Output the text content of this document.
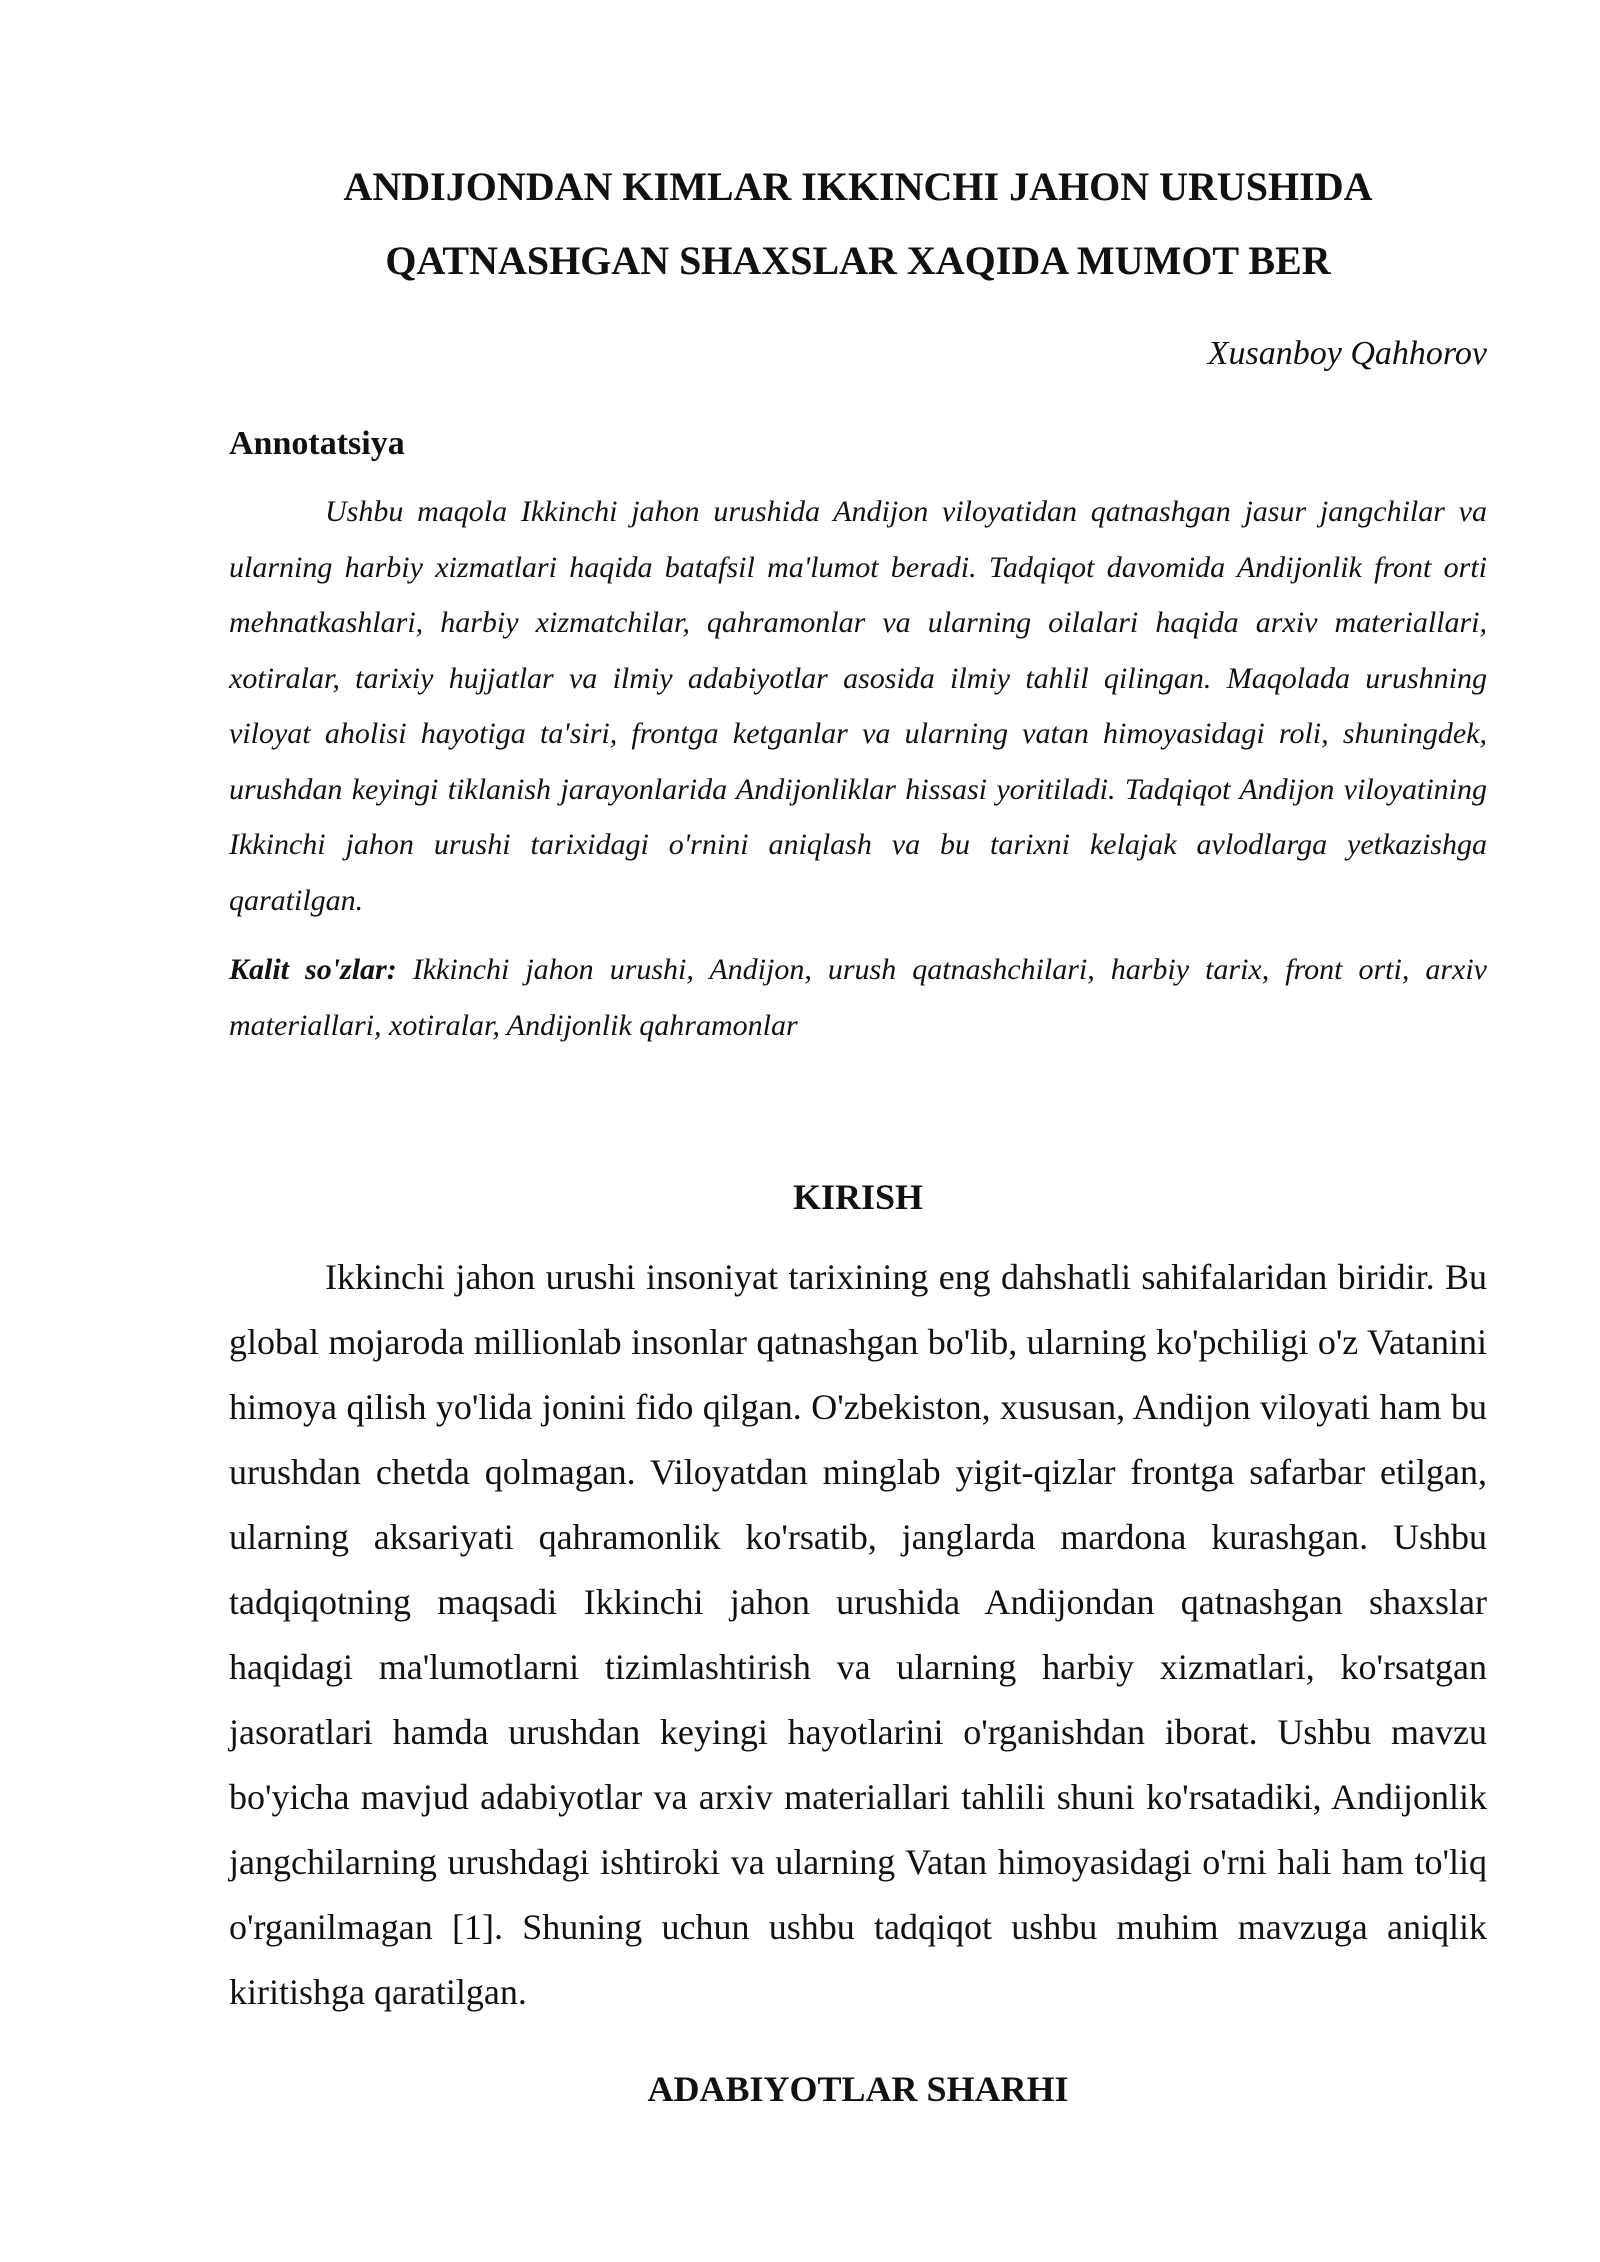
ANDIJONDAN KIMLAR IKKINCHI JAHON URUSHIDA
QATNASHGAN SHAXSLAR XAQIDA MUMOT BER
Xusanboy Qahhorov
Annotatsiya

Ushbu maqola Ikkinchi jahon urushida Andijon viloyatidan qatnashgan jasur jangchilar va ularning harbiy xizmatlari haqida batafsil ma'lumot beradi. Tadqiqot davomida Andijonlik front orti mehnatkashlari, harbiy xizmatchilar, qahramonlar va ularning oilalari haqida arxiv materiallari, xotiralar, tarixiy hujjatlar va ilmiy adabiyotlar asosida ilmiy tahlil qilingan. Maqolada urushning viloyat aholisi hayotiga ta'siri, frontga ketganlar va ularning vatan himoyasidagi roli, shuningdek, urushdan keyingi tiklanish jarayonlarida Andijonliklar hissasi yoritiladi. Tadqiqot Andijon viloyatining Ikkinchi jahon urushi tarixidagi o'rnini aniqlash va bu tarixni kelajak avlodlarga yetkazishga qaratilgan.

Kalit so'zlar: Ikkinchi jahon urushi, Andijon, urush qatnashchilari, harbiy tarix, front orti, arxiv materiallari, xotiralar, Andijonlik qahramonlar

KIRISH

Ikkinchi jahon urushi insoniyat tarixining eng dahshatli sahifalaridan biridir. Bu global mojaroda millionlab insonlar qatnashgan bo'lib, ularning ko'pchiligi o'z Vatanini himoya qilish yo'lida jonini fido qilgan. O'zbekiston, xususan, Andijon viloyati ham bu urushdan chetda qolmagan. Viloyatdan minglab yigit-qizlar frontga safarbar etilgan, ularning aksariyati qahramonlik ko'rsatib, janglarda mardona kurashgan. Ushbu tadqiqotning maqsadi Ikkinchi jahon urushida Andijondan qatnashgan shaxslar haqidagi ma'lumotlarni tizimlashtirish va ularning harbiy xizmatlari, ko'rsatgan jasoratlari hamda urushdan keyingi hayotlarini o'rganishdan iborat. Ushbu mavzu bo'yicha mavjud adabiyotlar va arxiv materiallari tahlili shuni ko'rsatadiki, Andijonlik jangchilarning urushdagi ishtiroki va ularning Vatan himoyasidagi o'rni hali ham to'liq o'rganilmagan [1]. Shuning uchun ushbu tadqiqot ushbu muhim mavzuga aniqlik kiritishga qaratilgan.

ADABIYOTLAR SHARHI
